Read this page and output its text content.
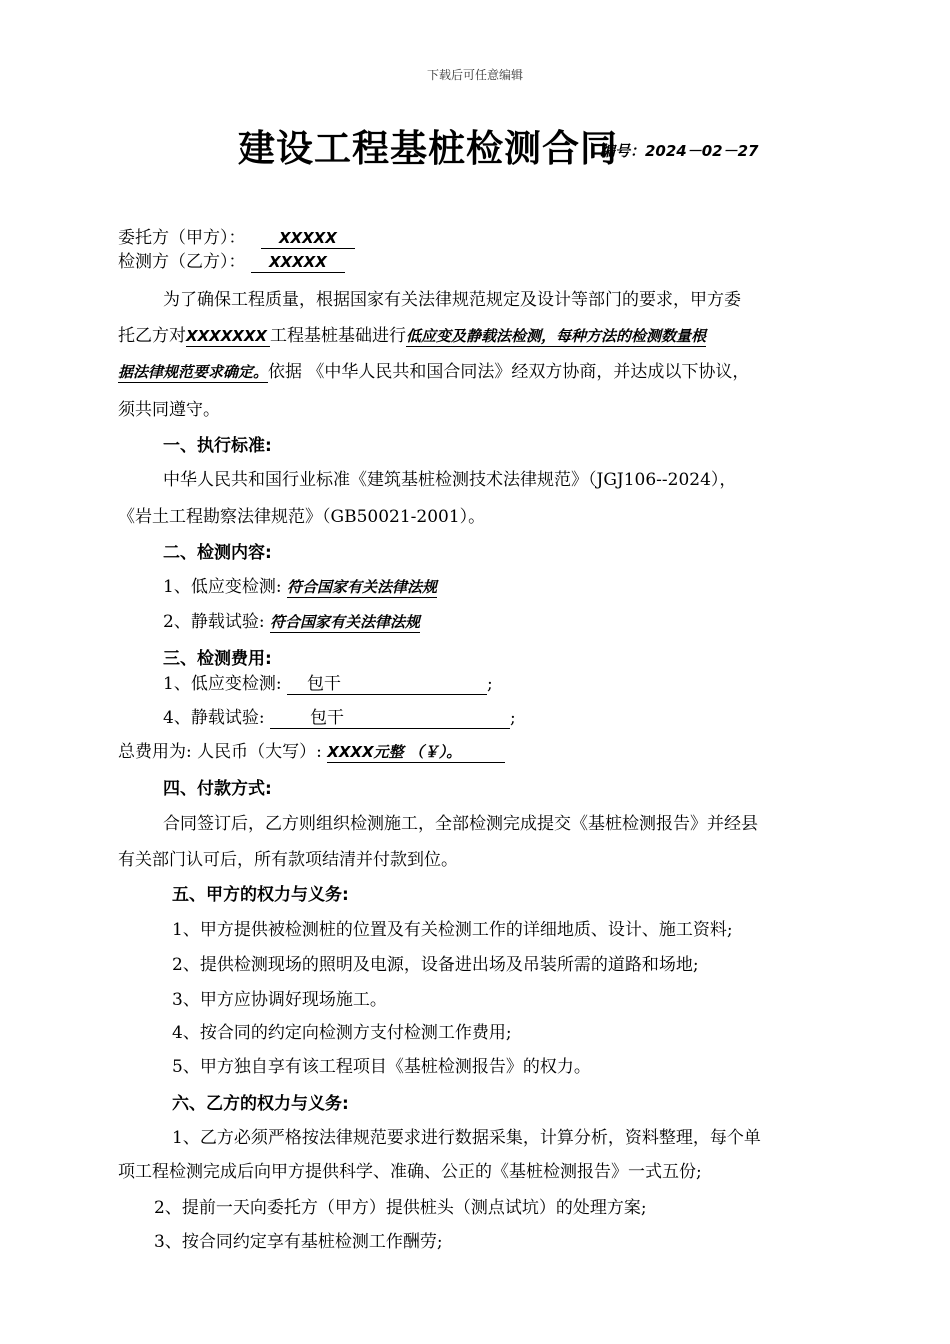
下载后可任意编辑
建设工程基桩检测合同
编号：2024－02－27
委托方（甲方）： XXXXX
检测方（乙方）： XXXXX
为了确保工程质量，根据国家有关法律规范规定及设计等部门的要求，甲方委
托乙方对XXXXXXX 工程基桩基础进行低应变及静载法检测，每种方法的检测数量根
据法律规范要求确定。依据 《中华人民共和国合同法》经双方协商，并达成以下协议，
须共同遵守。
一、执行标准:
中华人民共和国行业标准《建筑基桩检测技术法律规范》（JGJ106--2024），
《岩土工程勘察法律规范》（GB50021-2001）。
二、检测内容:
1、低应变检测: 符合国家有关法律法规
2、静载试验: 符合国家有关法律法规
三、检测费用:
1、低应变检测: 包干	;
4、静载试验:	包干	;
总费用为: 人民币（大写）: XXXX元整 （￥）。
四、付款方式:
合同签订后，乙方则组织检测施工，全部检测完成提交《基桩检测报告》并经县
有关部门认可后，所有款项结清并付款到位。
五、甲方的权力与义务:
1、甲方提供被检测桩的位置及有关检测工作的详细地质、设计、施工资料;
2、提供检测现场的照明及电源，设备进出场及吊装所需的道路和场地;
3、甲方应协调好现场施工。
4、按合同的约定向检测方支付检测工作费用;
5、甲方独自享有该工程项目《基桩检测报告》的权力。
六、乙方的权力与义务:
1、乙方必须严格按法律规范要求进行数据采集，计算分析，资料整理，每个单
项工程检测完成后向甲方提供科学、准确、公正的《基桩检测报告》一式五份;
2、提前一天向委托方（甲方）提供桩头（测点试坑）的处理方案;
3、按合同约定享有基桩检测工作酬劳;
